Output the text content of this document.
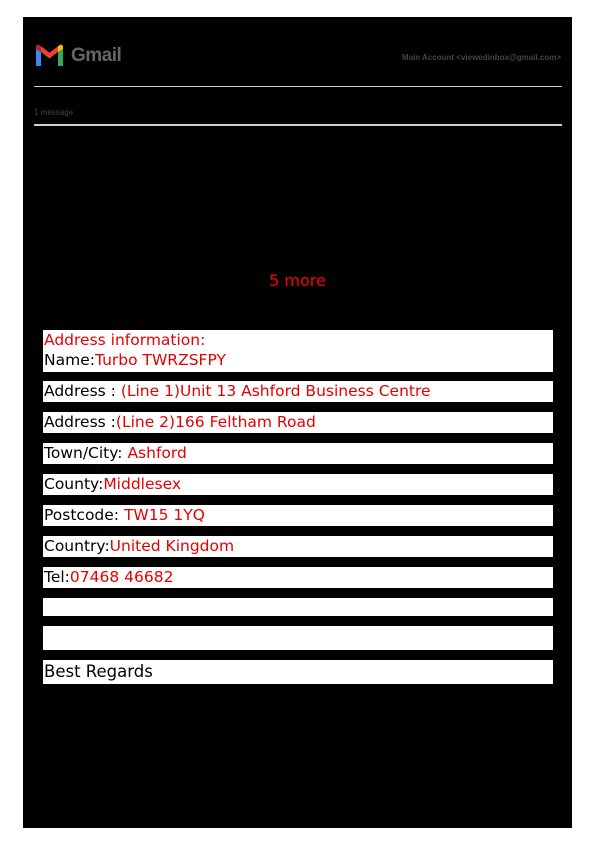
Gmail	Main Account <viewedinbox@gmail.com>
1 message
5 more
Address information:
Name:Turbo TWRZSFPY
Address : (Line 1)Unit 13 Ashford Business Centre
Address :(Line 2)166 Feltham Road
Town/City: Ashford
County:Middlesex
Postcode: TW15 1YQ
Country:United Kingdom
Tel:07468 46682
Best Regards
